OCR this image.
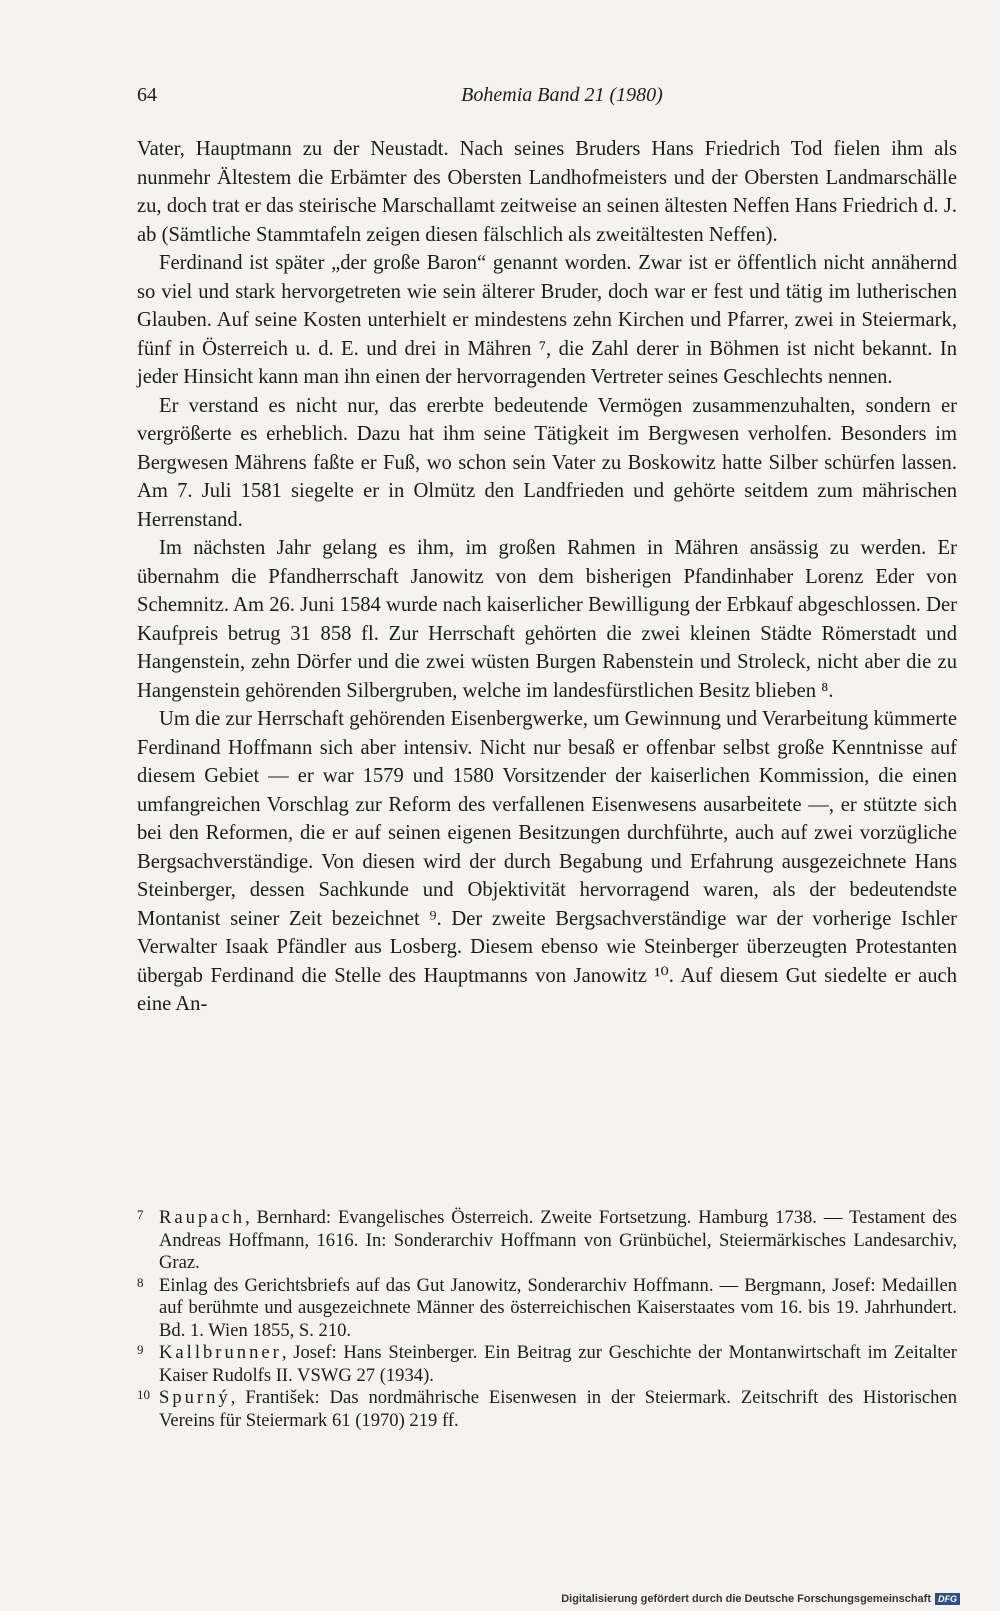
64	Bohemia Band 21 (1980)

Vater, Hauptmann zu der Neustadt. Nach seines Bruders Hans Friedrich Tod fielen ihm als nunmehr Ältestem die Erbämter des Obersten Landhofmeisters und der Obersten Landmarschälle zu, doch trat er das steirische Marschallamt zeitweise an seinen ältesten Neffen Hans Friedrich d. J. ab (Sämtliche Stammtafeln zeigen diesen fälschlich als zweitältesten Neffen).

Ferdinand ist später „der große Baron“ genannt worden. Zwar ist er öffentlich nicht annähernd so viel und stark hervorgetreten wie sein älterer Bruder, doch war er fest und tätig im lutherischen Glauben. Auf seine Kosten unterhielt er mindestens zehn Kirchen und Pfarrer, zwei in Steiermark, fünf in Österreich u. d. E. und drei in Mähren ⁷, die Zahl derer in Böhmen ist nicht bekannt. In jeder Hinsicht kann man ihn einen der hervorragenden Vertreter seines Geschlechts nennen.

Er verstand es nicht nur, das ererbte bedeutende Vermögen zusammenzuhalten, sondern er vergrößerte es erheblich. Dazu hat ihm seine Tätigkeit im Bergwesen verholfen. Besonders im Bergwesen Mährens faßte er Fuß, wo schon sein Vater zu Boskowitz hatte Silber schürfen lassen. Am 7. Juli 1581 siegelte er in Olmütz den Landfrieden und gehörte seitdem zum mährischen Herrenstand.

Im nächsten Jahr gelang es ihm, im großen Rahmen in Mähren ansässig zu werden. Er übernahm die Pfandherrschaft Janowitz von dem bisherigen Pfandinhaber Lorenz Eder von Schemnitz. Am 26. Juni 1584 wurde nach kaiserlicher Bewilligung der Erbkauf abgeschlossen. Der Kaufpreis betrug 31 858 fl. Zur Herrschaft gehörten die zwei kleinen Städte Römerstadt und Hangenstein, zehn Dörfer und die zwei wüsten Burgen Rabenstein und Stroleck, nicht aber die zu Hangenstein gehörenden Silbergruben, welche im landesfürstlichen Besitz blieben ⁸.

Um die zur Herrschaft gehörenden Eisenbergwerke, um Gewinnung und Verarbeitung kümmerte Ferdinand Hoffmann sich aber intensiv. Nicht nur besaß er offenbar selbst große Kenntnisse auf diesem Gebiet — er war 1579 und 1580 Vorsitzender der kaiserlichen Kommission, die einen umfangreichen Vorschlag zur Reform des verfallenen Eisenwesens ausarbeitete —, er stützte sich bei den Reformen, die er auf seinen eigenen Besitzungen durchführte, auch auf zwei vorzügliche Bergsachverständige. Von diesen wird der durch Begabung und Erfahrung ausgezeichnete Hans Steinberger, dessen Sachkunde und Objektivität hervorragend waren, als der bedeutendste Montanist seiner Zeit bezeichnet ⁹. Der zweite Bergsachverständige war der vorherige Ischler Verwalter Isaak Pfändler aus Losberg. Diesem ebenso wie Steinberger überzeugten Protestanten übergab Ferdinand die Stelle des Hauptmanns von Janowitz ¹⁰. Auf diesem Gut siedelte er auch eine An-

7 Raupach, Bernhard: Evangelisches Österreich. Zweite Fortsetzung. Hamburg 1738. — Testament des Andreas Hoffmann, 1616. In: Sonderarchiv Hoffmann von Grünbüchel, Steiermärkisches Landesarchiv, Graz.

8 Einlag des Gerichtsbriefs auf das Gut Janowitz, Sonderarchiv Hoffmann. — Bergmann, Josef: Medaillen auf berühmte und ausgezeichnete Männer des österreichischen Kaiserstaates vom 16. bis 19. Jahrhundert. Bd. 1. Wien 1855, S. 210.

9 Kallbrunner, Josef: Hans Steinberger. Ein Beitrag zur Geschichte der Montanwirtschaft im Zeitalter Kaiser Rudolfs II. VSWG 27 (1934).

10 Spurný, František: Das nordmährische Eisenwesen in der Steiermark. Zeitschrift des Historischen Vereins für Steiermark 61 (1970) 219 ff.

Digitalisierung gefördert durch die Deutsche Forschungsgemeinschaft DFG
